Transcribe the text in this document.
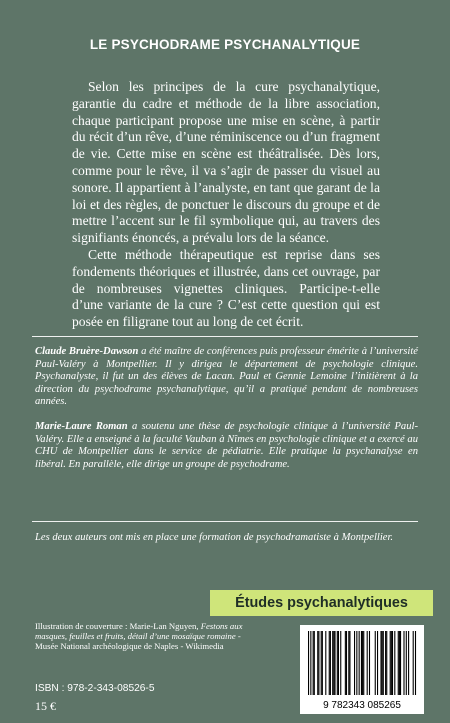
LE PSYCHODRAME PSYCHANALYTIQUE

Selon les principes de la cure psychanalytique, garantie du cadre et méthode de la libre association, chaque participant propose une mise en scène, à partir du récit d’un rêve, d’une réminiscence ou d’un fragment de vie. Cette mise en scène est théâtralisée. Dès lors, comme pour le rêve, il va s’agir de passer du visuel au sonore. Il appartient à l’analyste, en tant que garant de la loi et des règles, de ponctuer le discours du groupe et de mettre l’accent sur le fil symbolique qui, au travers des signifiants énoncés, a prévalu lors de la séance.

Cette méthode thérapeutique est reprise dans ses fondements théoriques et illustrée, dans cet ouvrage, par de nombreuses vignettes cliniques. Participe-t-elle d’une variante de la cure ? C’est cette question qui est posée en filigrane tout au long de cet écrit.

Claude Bruère-Dawson a été maître de conférences puis professeur émérite à l’université Paul-Valéry à Montpellier. Il y dirigea le département de psychologie clinique. Psychanalyste, il fut un des élèves de Lacan. Paul et Gennie Lemoine l’initièrent à la direction du psychodrame psychanalytique, qu’il a pratiqué pendant de nombreuses années.

Marie-Laure Roman a soutenu une thèse de psychologie clinique à l’université Paul-Valéry. Elle a enseigné à la faculté Vauban à Nîmes en psychologie clinique et a exercé au CHU de Montpellier dans le service de pédiatrie. Elle pratique la psychanalyse en libéral. En parallèle, elle dirige un groupe de psychodrame.

Les deux auteurs ont mis en place une formation de psychodramatiste à Montpellier.

Études psychanalytiques
Illustration de couverture : Marie-Lan Nguyen, Festons aux masques, feuilles et fruits, détail d’une mosaïque romaine - Musée National archéologique de Naples - Wikimedia
ISBN : 978-2-343-08526-5
15 €	9 782343 085265
